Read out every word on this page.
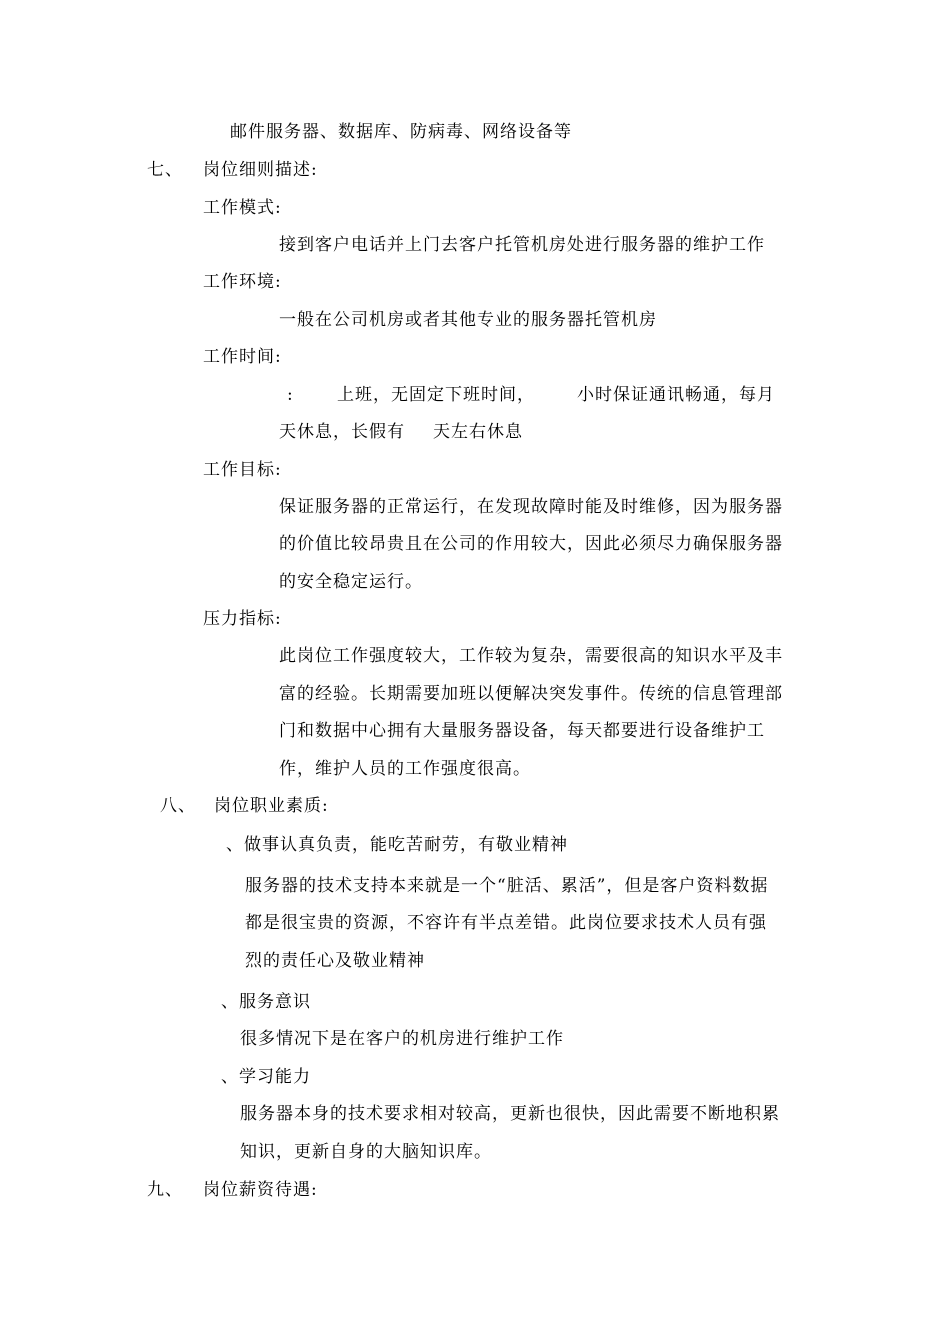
邮件服务器、数据库、防病毒、网络设备等
七、 岗位细则描述:
工作模式:
接到客户电话并上门去客户托管机房处进行服务器的维护工作
工作环境:
一般在公司机房或者其他专业的服务器托管机房
工作时间:
:	上班，无固定下班时间， 小时保证通讯畅通，每月
天休息，长假有 天左右休息
工作目标:
保证服务器的正常运行，在发现故障时能及时维修，因为服务器
的价值比较昂贵且在公司的作用较大，因此必须尽力确保服务器
的安全稳定运行。
压力指标:
此岗位工作强度较大，工作较为复杂，需要很高的知识水平及丰
富的经验。长期需要加班以便解决突发事件。传统的信息管理部
门和数据中心拥有大量服务器设备，每天都要进行设备维护工
作，维护人员的工作强度很高。
八、 岗位职业素质:
、做事认真负责，能吃苦耐劳，有敬业精神
服务器的技术支持本来就是一个“脏活、累活”，但是客户资料数据
都是很宝贵的资源，不容许有半点差错。此岗位要求技术人员有强
烈的责任心及敬业精神
、服务意识
很多情况下是在客户的机房进行维护工作
、学习能力
服务器本身的技术要求相对较高，更新也很快，因此需要不断地积累
知识，更新自身的大脑知识库。
九、 岗位薪资待遇:
